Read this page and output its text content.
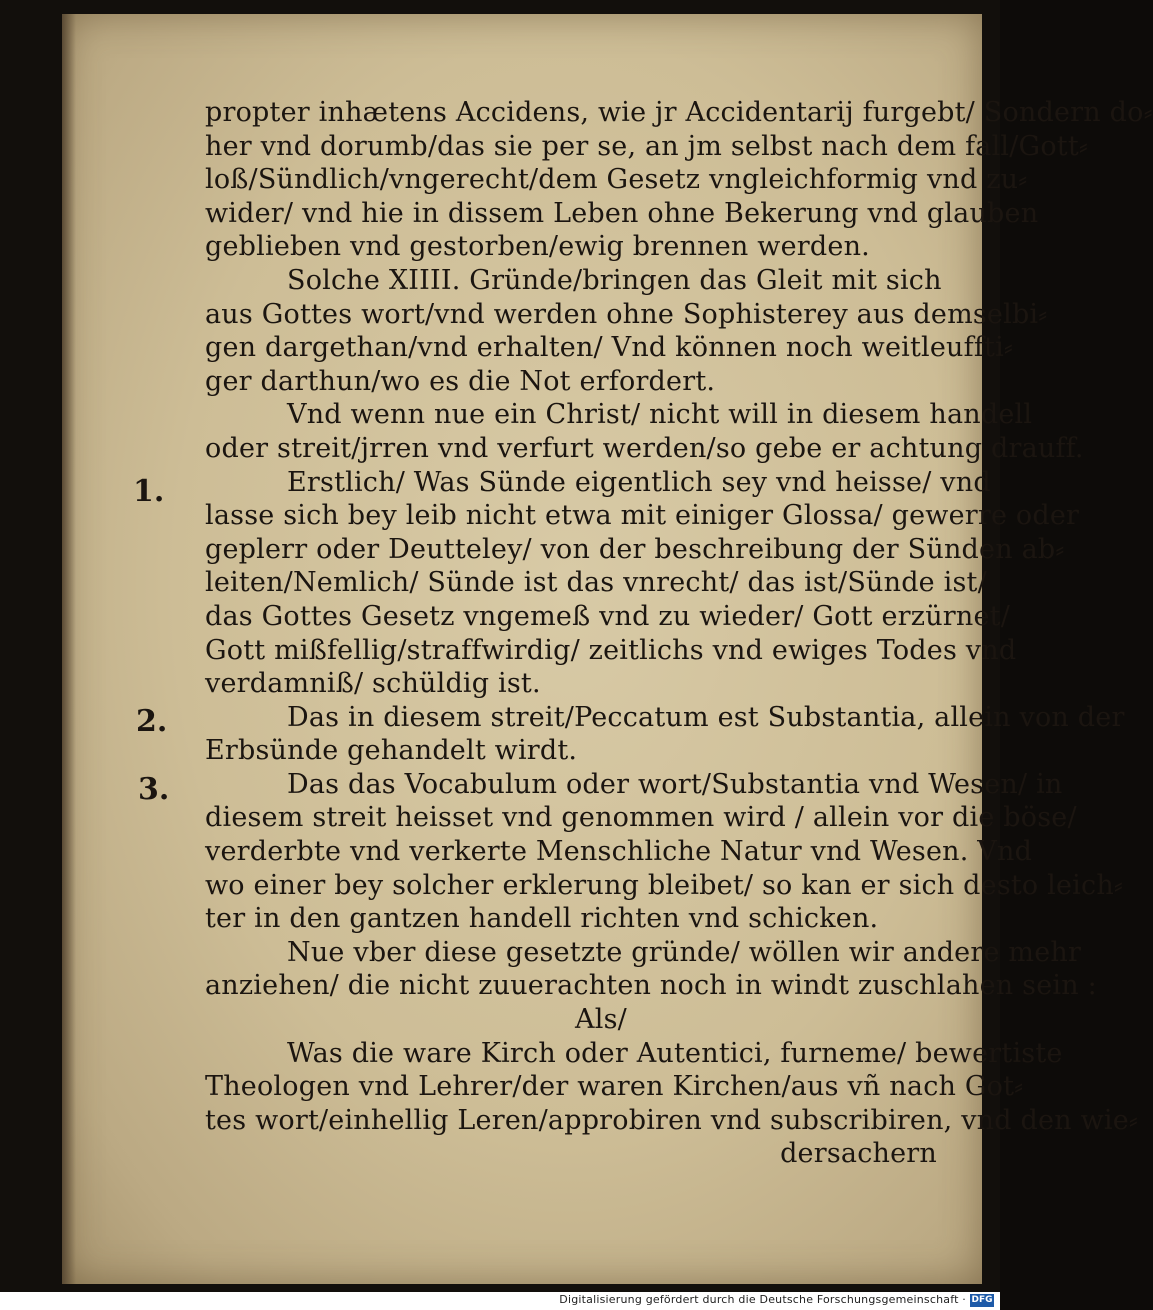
1.
2.
3.
propter inhætens Accidens, wie jr Accidentarij furgebt/ Sondern do⸗
her vnd dorumb/das sie per se, an jm selbst nach dem fall/Gott⸗
loß/Sündlich/vngerecht/dem Gesetz vngleichformig vnd zu⸗
wider/ vnd hie in dissem Leben ohne Bekerung vnd glauben
geblieben vnd gestorben/ewig brennen werden.
Solche XIIII. Gründe/bringen das Gleit mit sich
aus Gottes wort/vnd werden ohne Sophisterey aus demselbi⸗
gen dargethan/vnd erhalten/ Vnd können noch weitleuffti⸗
ger darthun/wo es die Not erfordert.
Vnd wenn nue ein Christ/ nicht will in diesem handell
oder streit/jrren vnd verfurt werden/so gebe er achtung drauff.
Erstlich/ Was Sünde eigentlich sey vnd heisse/ vnd
lasse sich bey leib nicht etwa mit einiger Glossa/ gewerre oder
geplerr oder Deutteley/ von der beschreibung der Sünden ab⸗
leiten/Nemlich/ Sünde ist das vnrecht/ das ist/Sünde ist/
das Gottes Gesetz vngemeß vnd zu wieder/ Gott erzürnet/
Gott mißfellig/straffwirdig/ zeitlichs vnd ewiges Todes vnd
verdamniß/ schüldig ist.
Das in diesem streit/Peccatum est Substantia, allein von der
Erbsünde gehandelt wirdt.
Das das Vocabulum oder wort/Substantia vnd Wesen/ in
diesem streit heisset vnd genommen wird / allein vor die böse/
verderbte vnd verkerte Menschliche Natur vnd Wesen. Vnd
wo einer bey solcher erklerung bleibet/ so kan er sich desto leich⸗
ter in den gantzen handell richten vnd schicken.
Nue vber diese gesetzte gründe/ wöllen wir andere mehr
anziehen/ die nicht zuuerachten noch in windt zuschlahen sein :
Als/
Was die ware Kirch oder Autentici, furneme/ bewertiste
Theologen vnd Lehrer/der waren Kirchen/aus vñ nach Got⸗
tes wort/einhellig Leren/approbiren vnd subscribiren, vnd den wie⸗
dersachern
Digitalisierung gefördert durch die Deutsche Forschungsgemeinschaft · DFG
